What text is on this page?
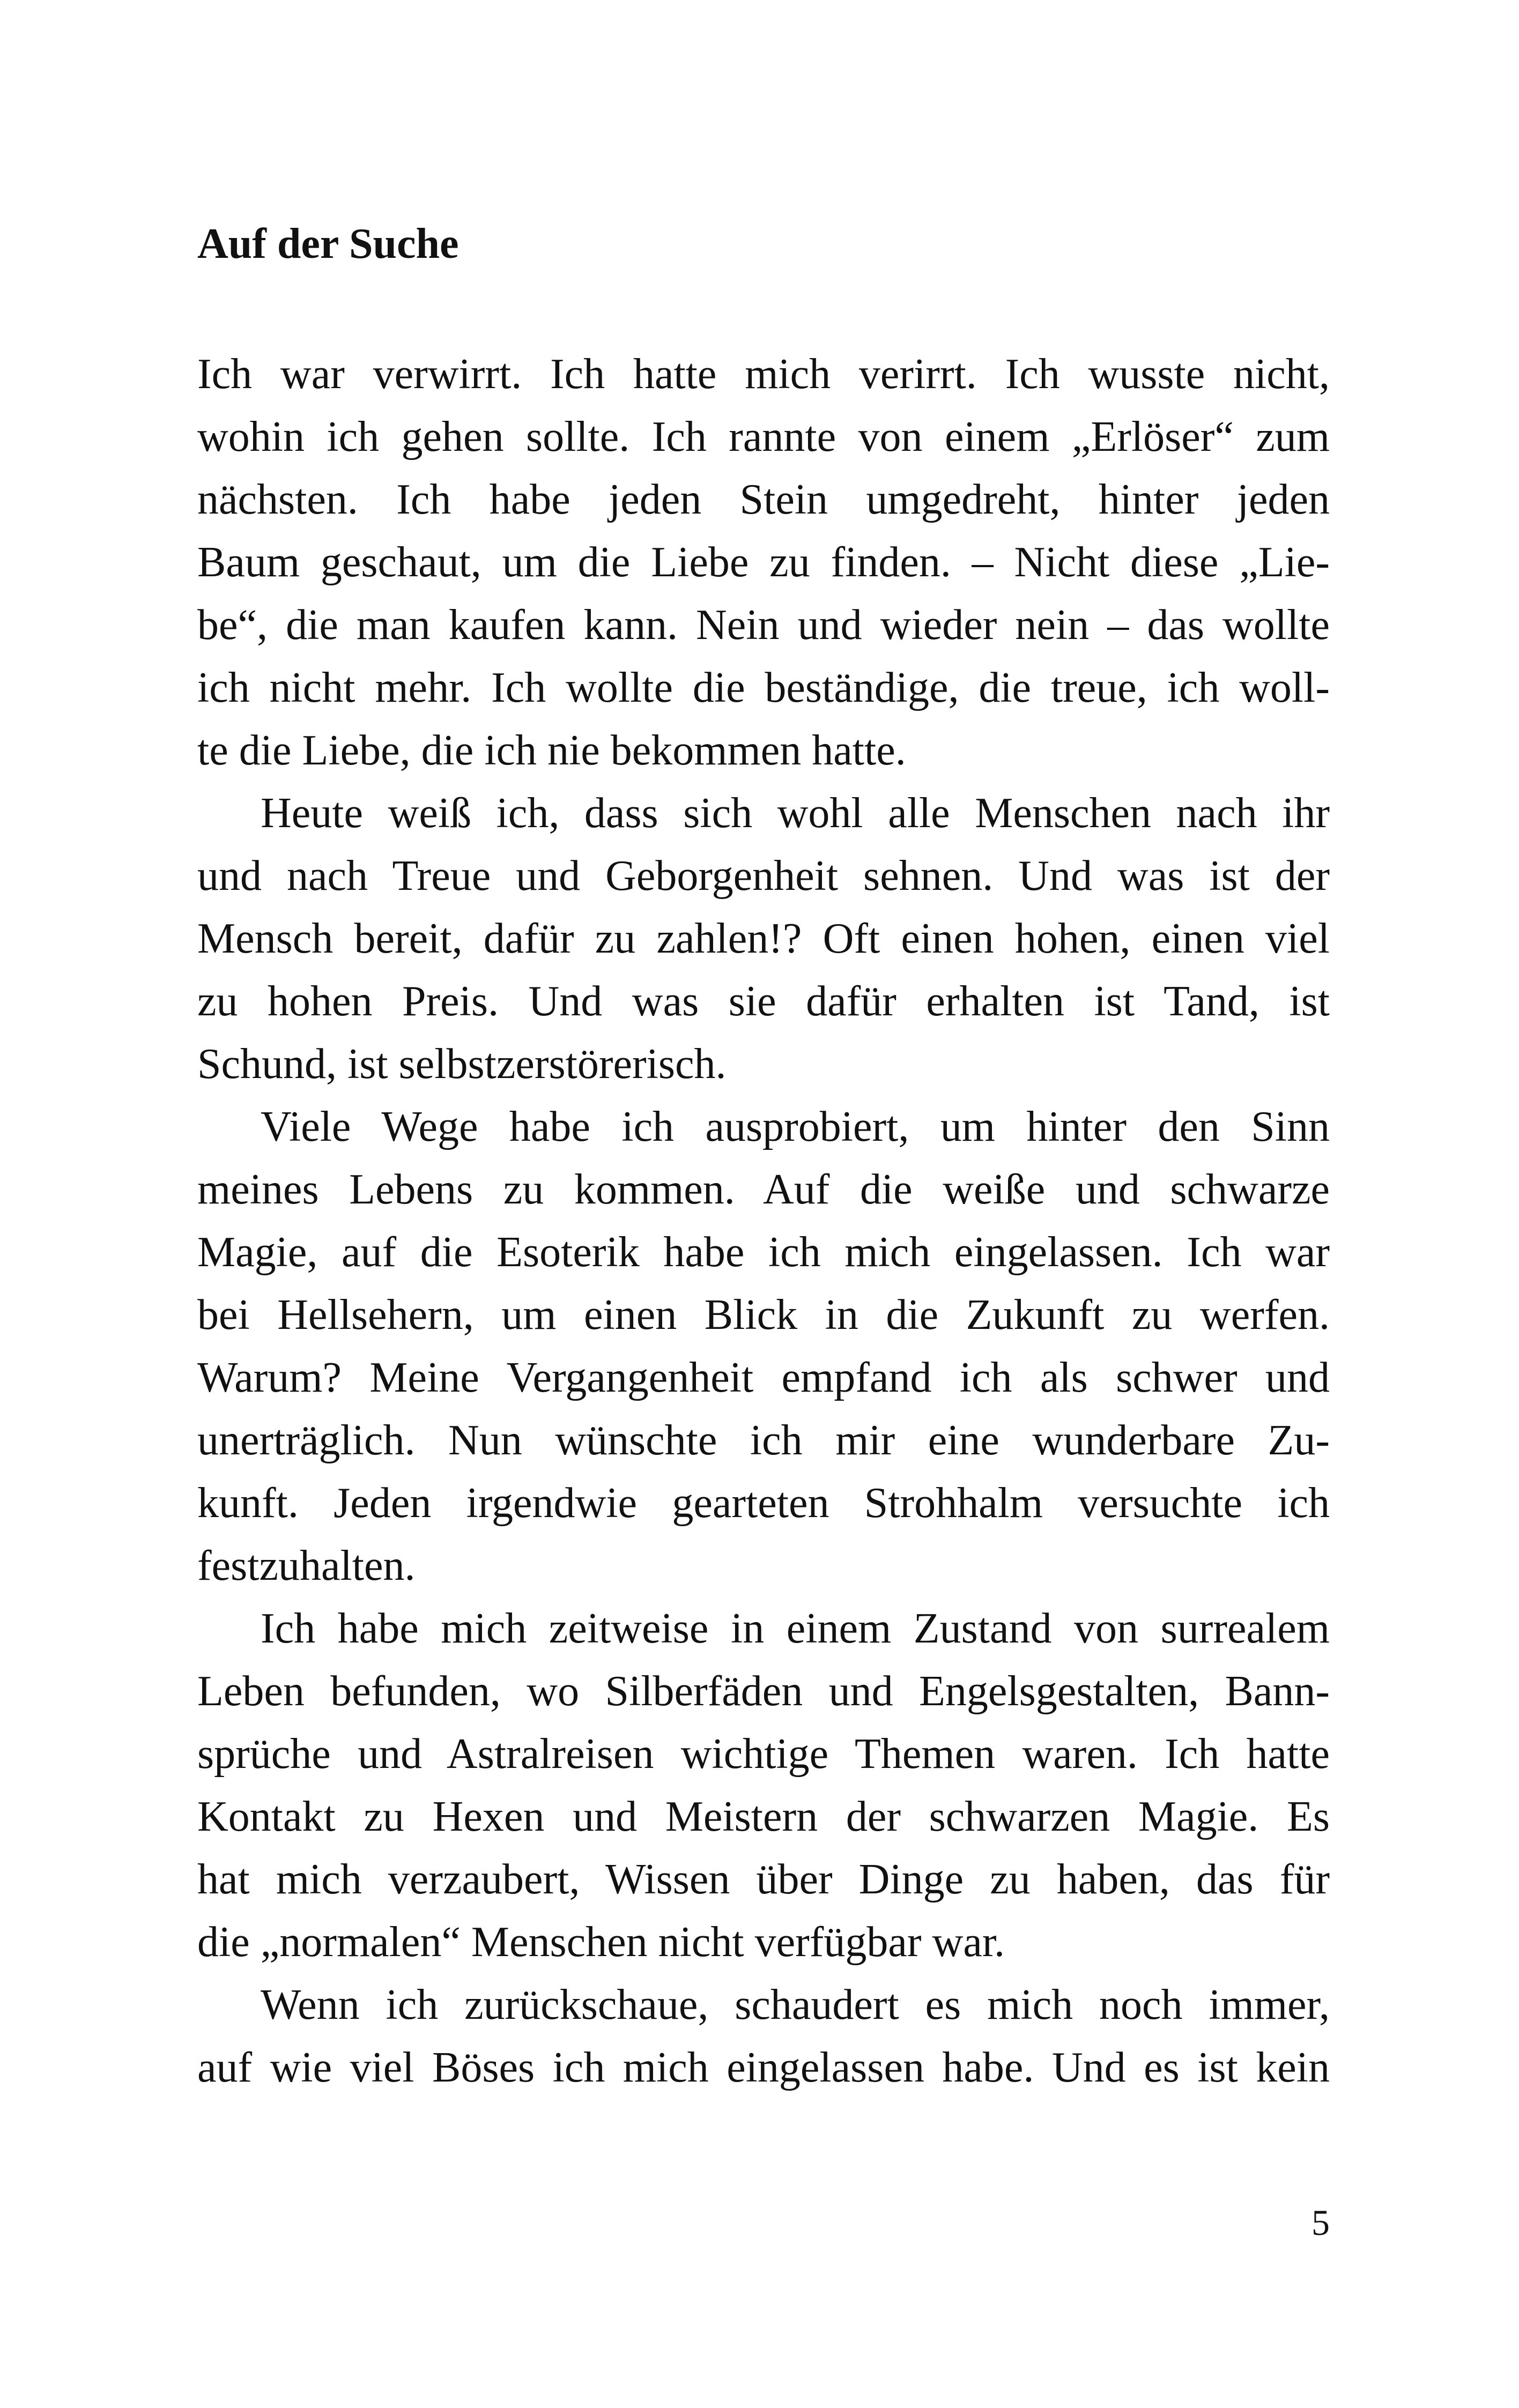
Auf der Suche
Ich war verwirrt. Ich hatte mich verirrt. Ich wusste nicht,
wohin ich gehen sollte. Ich rannte von einem „Erlöser“ zum
nächsten. Ich habe jeden Stein umgedreht, hinter jeden
Baum geschaut, um die Liebe zu finden. – Nicht diese „Lie-
be“, die man kaufen kann. Nein und wieder nein – das wollte
ich nicht mehr. Ich wollte die beständige, die treue, ich woll-
te die Liebe, die ich nie bekommen hatte.
Heute weiß ich, dass sich wohl alle Menschen nach ihr
und nach Treue und Geborgenheit sehnen. Und was ist der
Mensch bereit, dafür zu zahlen!? Oft einen hohen, einen viel
zu hohen Preis. Und was sie dafür erhalten ist Tand, ist
Schund, ist selbstzerstörerisch.
Viele Wege habe ich ausprobiert, um hinter den Sinn
meines Lebens zu kommen. Auf die weiße und schwarze
Magie, auf die Esoterik habe ich mich eingelassen. Ich war
bei Hellsehern, um einen Blick in die Zukunft zu werfen.
Warum? Meine Vergangenheit empfand ich als schwer und
unerträglich. Nun wünschte ich mir eine wunderbare Zu-
kunft. Jeden irgendwie gearteten Strohhalm versuchte ich
festzuhalten.
Ich habe mich zeitweise in einem Zustand von surrealem
Leben befunden, wo Silberfäden und Engelsgestalten, Bann-
sprüche und Astralreisen wichtige Themen waren. Ich hatte
Kontakt zu Hexen und Meistern der schwarzen Magie. Es
hat mich verzaubert, Wissen über Dinge zu haben, das für
die „normalen“ Menschen nicht verfügbar war.
Wenn ich zurückschaue, schaudert es mich noch immer,
auf wie viel Böses ich mich eingelassen habe. Und es ist kein
5
